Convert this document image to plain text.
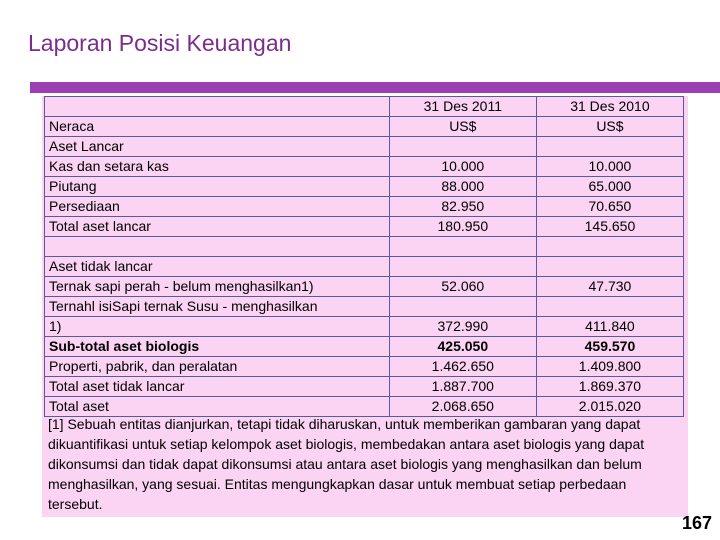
Laporan Posisi Keuangan
	31 Des 2011	31 Des 2010
Neraca	US$	US$
Aset Lancar		
Kas dan setara kas	10.000	10.000
Piutang	88.000	65.000
Persediaan	82.950	70.650
Total aset lancar	180.950	145.650

Aset tidak lancar		
Ternak sapi perah - belum menghasilkan1)	52.060	47.730
Ternahl isiSapi ternak Susu - menghasilkan		
1)	372.990	411.840
Sub-total aset biologis	425.050	459.570
Properti, pabrik, dan peralatan	1.462.650	1.409.800
Total aset tidak lancar	1.887.700	1.869.370
Total aset	2.068.650	2.015.020
[1] Sebuah entitas dianjurkan, tetapi tidak diharuskan, untuk memberikan gambaran yang dapat dikuantifikasi untuk setiap kelompok aset biologis, membedakan antara aset biologis yang dapat dikonsumsi dan tidak dapat dikonsumsi atau antara aset biologis yang menghasilkan dan belum menghasilkan, yang sesuai. Entitas mengungkapkan dasar untuk membuat setiap perbedaan tersebut.
167
